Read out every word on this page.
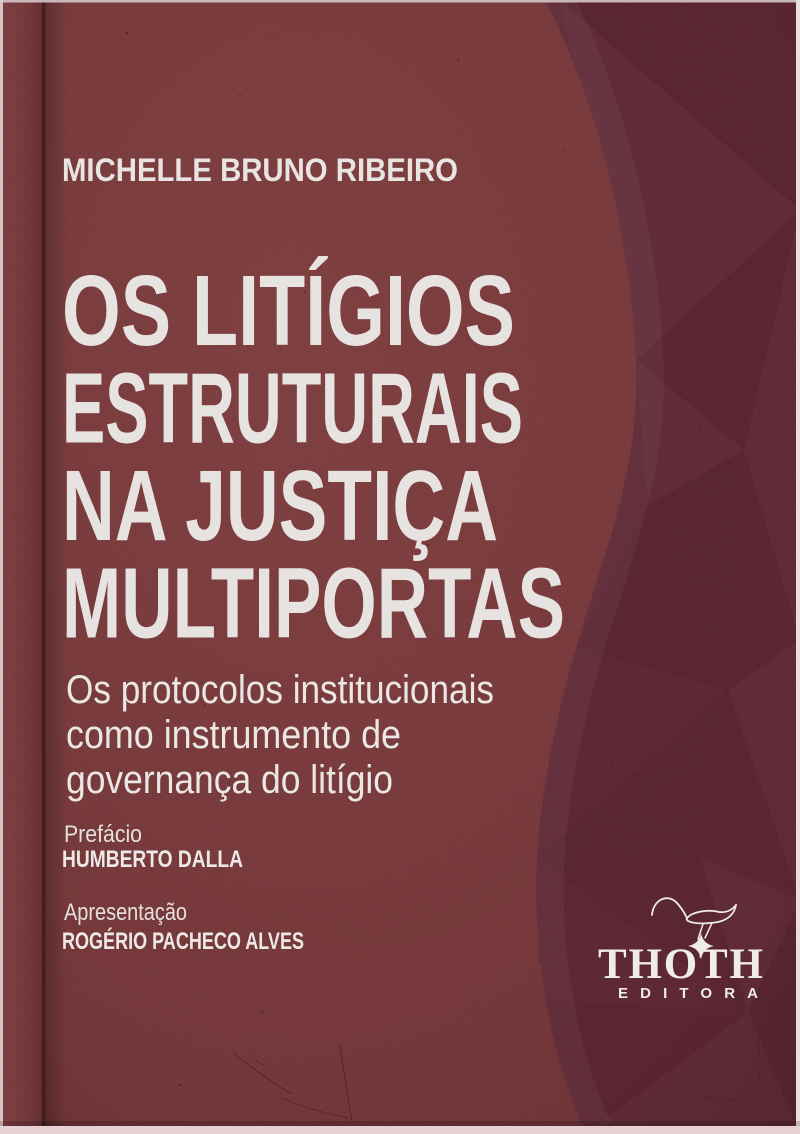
MICHELLE BRUNO RIBEIRO
OS LITÍGIOS
ESTRUTURAIS
NA JUSTIÇA
MULTIPORTAS
Os protocolos institucionais
como instrumento de
governança do litígio
Prefácio
HUMBERTO DALLA
Apresentação
ROGÉRIO PACHECO ALVES	THOTH
EDITORA
